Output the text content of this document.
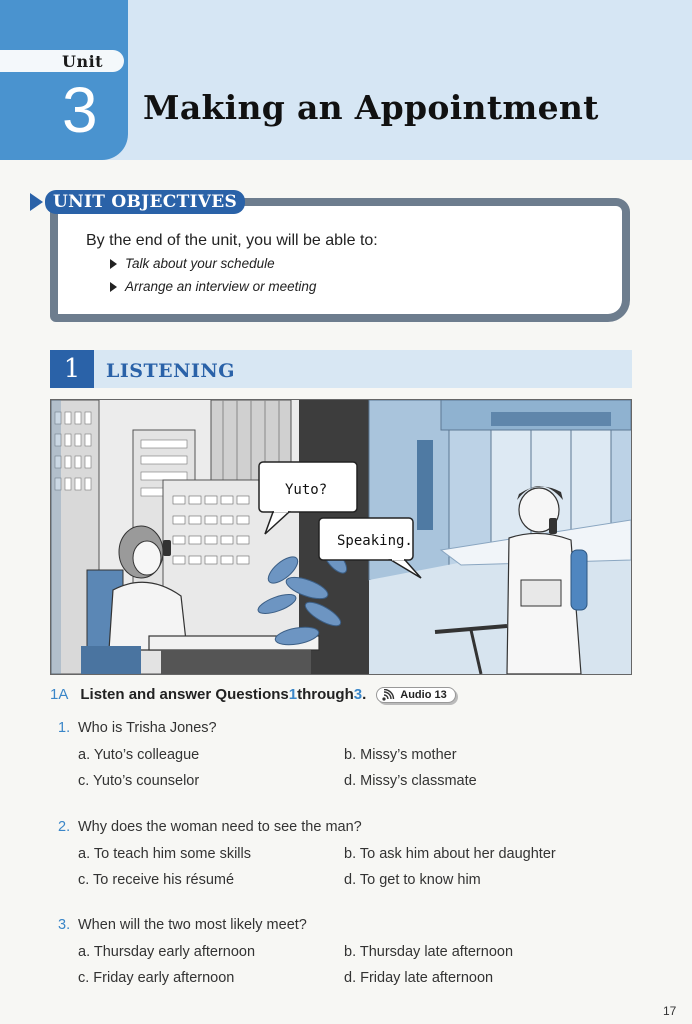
Unit
3 Making an Appointment
UNIT OBJECTIVES
By the end of the unit, you will be able to:
Talk about your schedule
Arrange an interview or meeting
1	LISTENING
Yuto?
Speaking.
1A Listen and answer Questions 1 through 3 .	Audio 13
1. Who is Trisha Jones?
a. Yuto’s colleague	b. Missy’s mother
c. Yuto’s counselor	d. Missy’s classmate
2. Why does the woman need to see the man?
a. To teach him some skills	b. To ask him about her daughter
c. To receive his résumé	d. To get to know him
3. When will the two most likely meet?
a. Thursday early afternoon	b. Thursday late afternoon
c. Friday early afternoon	d. Friday late afternoon
17
